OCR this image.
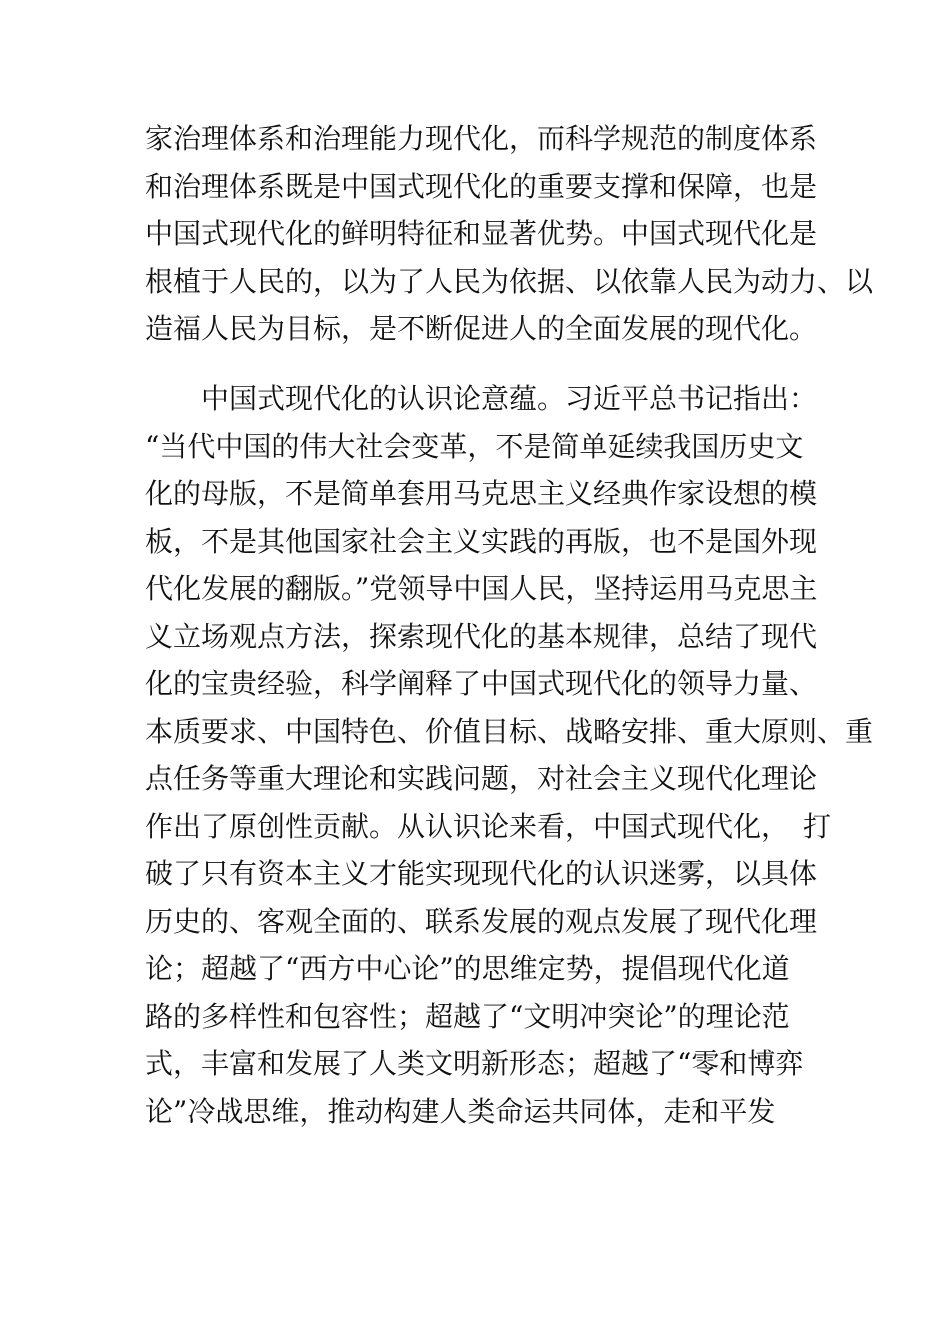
家治理体系和治理能力现代化，而科学规范的制度体系
和治理体系既是中国式现代化的重要支撑和保障，也是
中国式现代化的鲜明特征和显著优势。中国式现代化是
根植于人民的，以为了人民为依据、以依靠人民为动力、以
造福人民为目标，是不断促进人的全面发展的现代化。
　　中国式现代化的认识论意蕴。习近平总书记指出：
“当代中国的伟大社会变革，不是简单延续我国历史文
化的母版，不是简单套用马克思主义经典作家设想的模
板，不是其他国家社会主义实践的再版，也不是国外现
代化发展的翻版。”党领导中国人民，坚持运用马克思主
义立场观点方法，探索现代化的基本规律，总结了现代
化的宝贵经验，科学阐释了中国式现代化的领导力量、
本质要求、中国特色、价值目标、战略安排、重大原则、重
点任务等重大理论和实践问题，对社会主义现代化理论
作出了原创性贡献。从认识论来看，中国式现代化，　打
破了只有资本主义才能实现现代化的认识迷雾，以具体
历史的、客观全面的、联系发展的观点发展了现代化理
论；超越了“西方中心论”的思维定势，提倡现代化道
路的多样性和包容性；超越了“文明冲突论”的理论范
式，丰富和发展了人类文明新形态；超越了“零和博弈
论”冷战思维，推动构建人类命运共同体，走和平发
